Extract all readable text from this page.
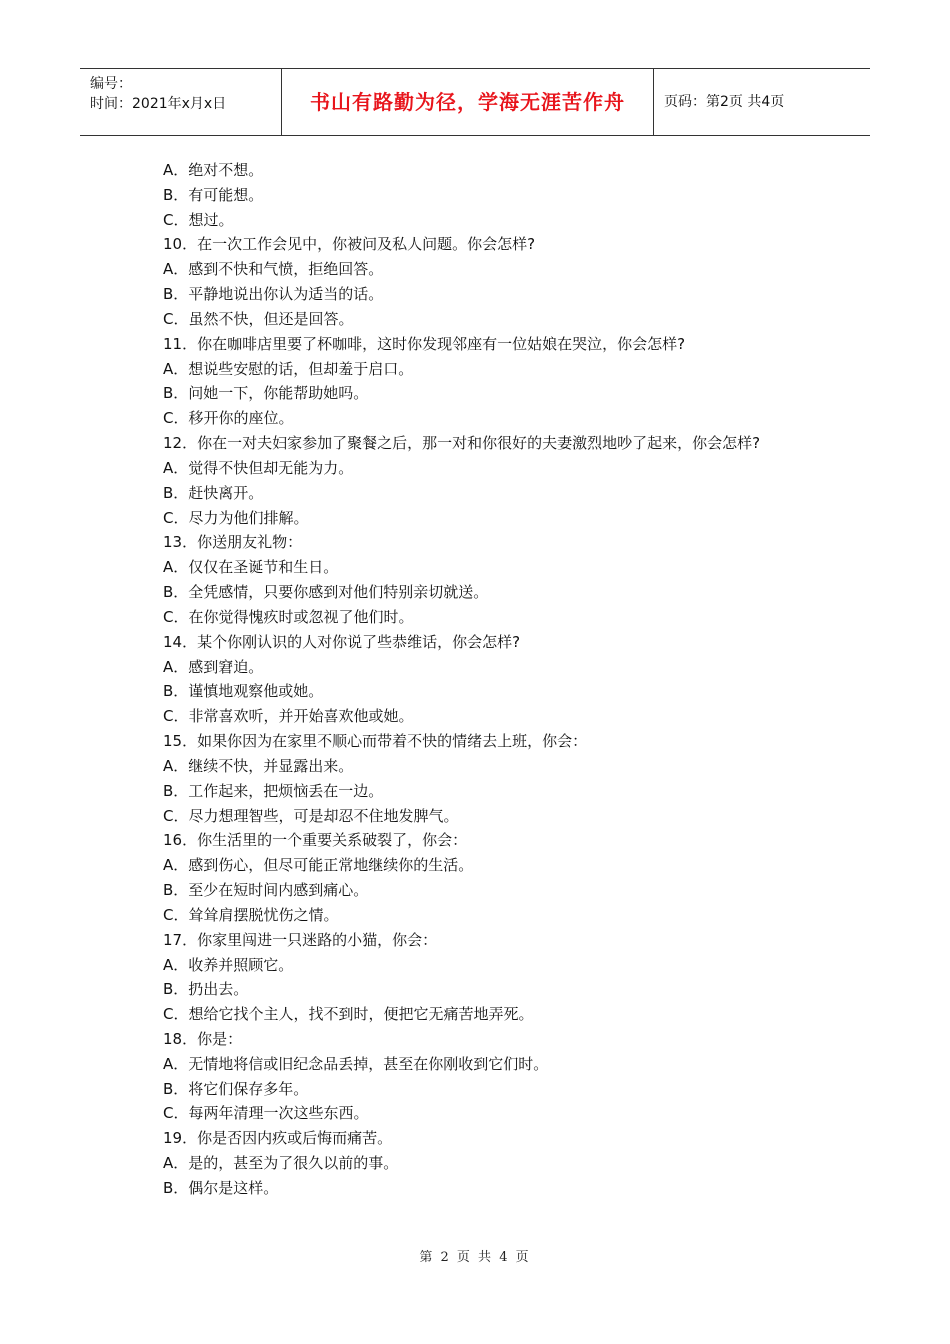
编号：
时间：2021年x月x日	书山有路勤为径，学海无涯苦作舟	页码：第2页 共4页
A．绝对不想。
B．有可能想。
C．想过。
10．在一次工作会见中，你被问及私人问题。你会怎样?
A．感到不快和气愤，拒绝回答。
B．平静地说出你认为适当的话。
C．虽然不快，但还是回答。
11．你在咖啡店里要了杯咖啡，这时你发现邻座有一位姑娘在哭泣，你会怎样?
A．想说些安慰的话，但却羞于启口。
B．问她一下，你能帮助她吗。
C．移开你的座位。
12．你在一对夫妇家参加了聚餐之后，那一对和你很好的夫妻激烈地吵了起来，你会怎样?
A．觉得不快但却无能为力。
B．赶快离开。
C．尽力为他们排解。
13．你送朋友礼物：
A．仅仅在圣诞节和生日。
B．全凭感情，只要你感到对他们特别亲切就送。
C．在你觉得愧疚时或忽视了他们时。
14．某个你刚认识的人对你说了些恭维话，你会怎样?
A．感到窘迫。
B．谨慎地观察他或她。
C．非常喜欢听，并开始喜欢他或她。
15．如果你因为在家里不顺心而带着不快的情绪去上班，你会：
A．继续不快，并显露出来。
B．工作起来，把烦恼丢在一边。
C．尽力想理智些，可是却忍不住地发脾气。
16．你生活里的一个重要关系破裂了，你会：
A．感到伤心，但尽可能正常地继续你的生活。
B．至少在短时间内感到痛心。
C．耸耸肩摆脱忧伤之情。
17．你家里闯进一只迷路的小猫，你会：
A．收养并照顾它。
B．扔出去。
C．想给它找个主人，找不到时，便把它无痛苦地弄死。
18．你是：
A．无情地将信或旧纪念品丢掉，甚至在你刚收到它们时。
B．将它们保存多年。
C．每两年清理一次这些东西。
19．你是否因内疚或后悔而痛苦。
A．是的，甚至为了很久以前的事。
B．偶尔是这样。
第 2 页 共 4 页
